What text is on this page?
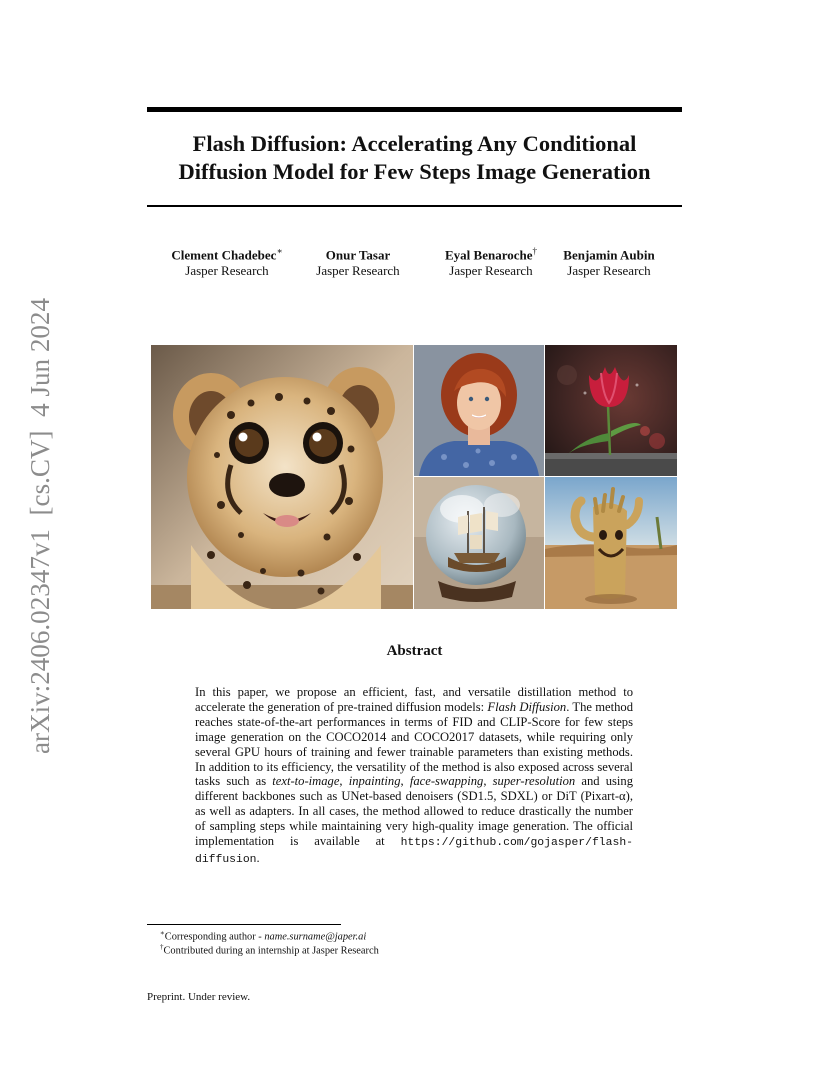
arXiv:2406.02347v1  [cs.CV]  4 Jun 2024
Flash Diffusion: Accelerating Any Conditional
Diffusion Model for Few Steps Image Generation
Clement Chadebec∗
Jasper Research
Onur Tasar
Jasper Research
Eyal Benaroche†
Jasper Research
Benjamin Aubin
Jasper Research
Abstract

In this paper, we propose an efficient, fast, and versatile distillation method to accelerate the generation of pre-trained diffusion models: Flash Diffusion. The method reaches state-of-the-art performances in terms of FID and CLIP-Score for few steps image generation on the COCO2014 and COCO2017 datasets, while requiring only several GPU hours of training and fewer trainable parameters than existing methods. In addition to its efficiency, the versatility of the method is also exposed across several tasks such as text-to-image, inpainting, face-swapping, super-resolution and using different backbones such as UNet-based denoisers (SD1.5, SDXL) or DiT (Pixart-α), as well as adapters. In all cases, the method allowed to reduce drastically the number of sampling steps while maintaining very high-quality image generation. The official implementation is available at https://github.com/gojasper/flash-diffusion.

∗Corresponding author - name.surname@japer.ai

†Contributed during an internship at Jasper Research

Preprint. Under review.
